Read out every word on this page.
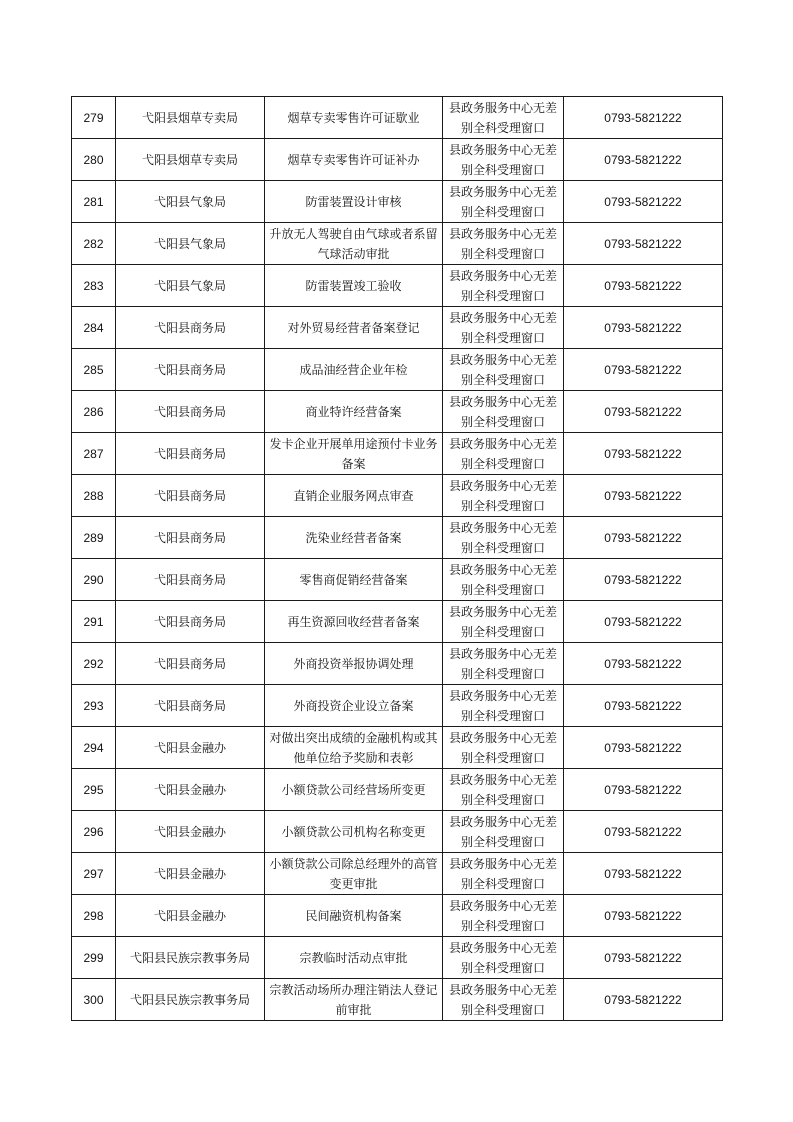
279	弋阳县烟草专卖局	烟草专卖零售许可证歇业	县政务服务中心无差别全科受理窗口	0793-5821222
280	弋阳县烟草专卖局	烟草专卖零售许可证补办	县政务服务中心无差别全科受理窗口	0793-5821222
281	弋阳县气象局	防雷装置设计审核	县政务服务中心无差别全科受理窗口	0793-5821222
282	弋阳县气象局	升放无人驾驶自由气球或者系留气球活动审批	县政务服务中心无差别全科受理窗口	0793-5821222
283	弋阳县气象局	防雷装置竣工验收	县政务服务中心无差别全科受理窗口	0793-5821222
284	弋阳县商务局	对外贸易经营者备案登记	县政务服务中心无差别全科受理窗口	0793-5821222
285	弋阳县商务局	成品油经营企业年检	县政务服务中心无差别全科受理窗口	0793-5821222
286	弋阳县商务局	商业特许经营备案	县政务服务中心无差别全科受理窗口	0793-5821222
287	弋阳县商务局	发卡企业开展单用途预付卡业务备案	县政务服务中心无差别全科受理窗口	0793-5821222
288	弋阳县商务局	直销企业服务网点审查	县政务服务中心无差别全科受理窗口	0793-5821222
289	弋阳县商务局	洗染业经营者备案	县政务服务中心无差别全科受理窗口	0793-5821222
290	弋阳县商务局	零售商促销经营备案	县政务服务中心无差别全科受理窗口	0793-5821222
291	弋阳县商务局	再生资源回收经营者备案	县政务服务中心无差别全科受理窗口	0793-5821222
292	弋阳县商务局	外商投资举报协调处理	县政务服务中心无差别全科受理窗口	0793-5821222
293	弋阳县商务局	外商投资企业设立备案	县政务服务中心无差别全科受理窗口	0793-5821222
294	弋阳县金融办	对做出突出成绩的金融机构或其他单位给予奖励和表彰	县政务服务中心无差别全科受理窗口	0793-5821222
295	弋阳县金融办	小额贷款公司经营场所变更	县政务服务中心无差别全科受理窗口	0793-5821222
296	弋阳县金融办	小额贷款公司机构名称变更	县政务服务中心无差别全科受理窗口	0793-5821222
297	弋阳县金融办	小额贷款公司除总经理外的高管变更审批	县政务服务中心无差别全科受理窗口	0793-5821222
298	弋阳县金融办	民间融资机构备案	县政务服务中心无差别全科受理窗口	0793-5821222
299	弋阳县民族宗教事务局	宗教临时活动点审批	县政务服务中心无差别全科受理窗口	0793-5821222
300	弋阳县民族宗教事务局	宗教活动场所办理注销法人登记前审批	县政务服务中心无差别全科受理窗口	0793-5821222
